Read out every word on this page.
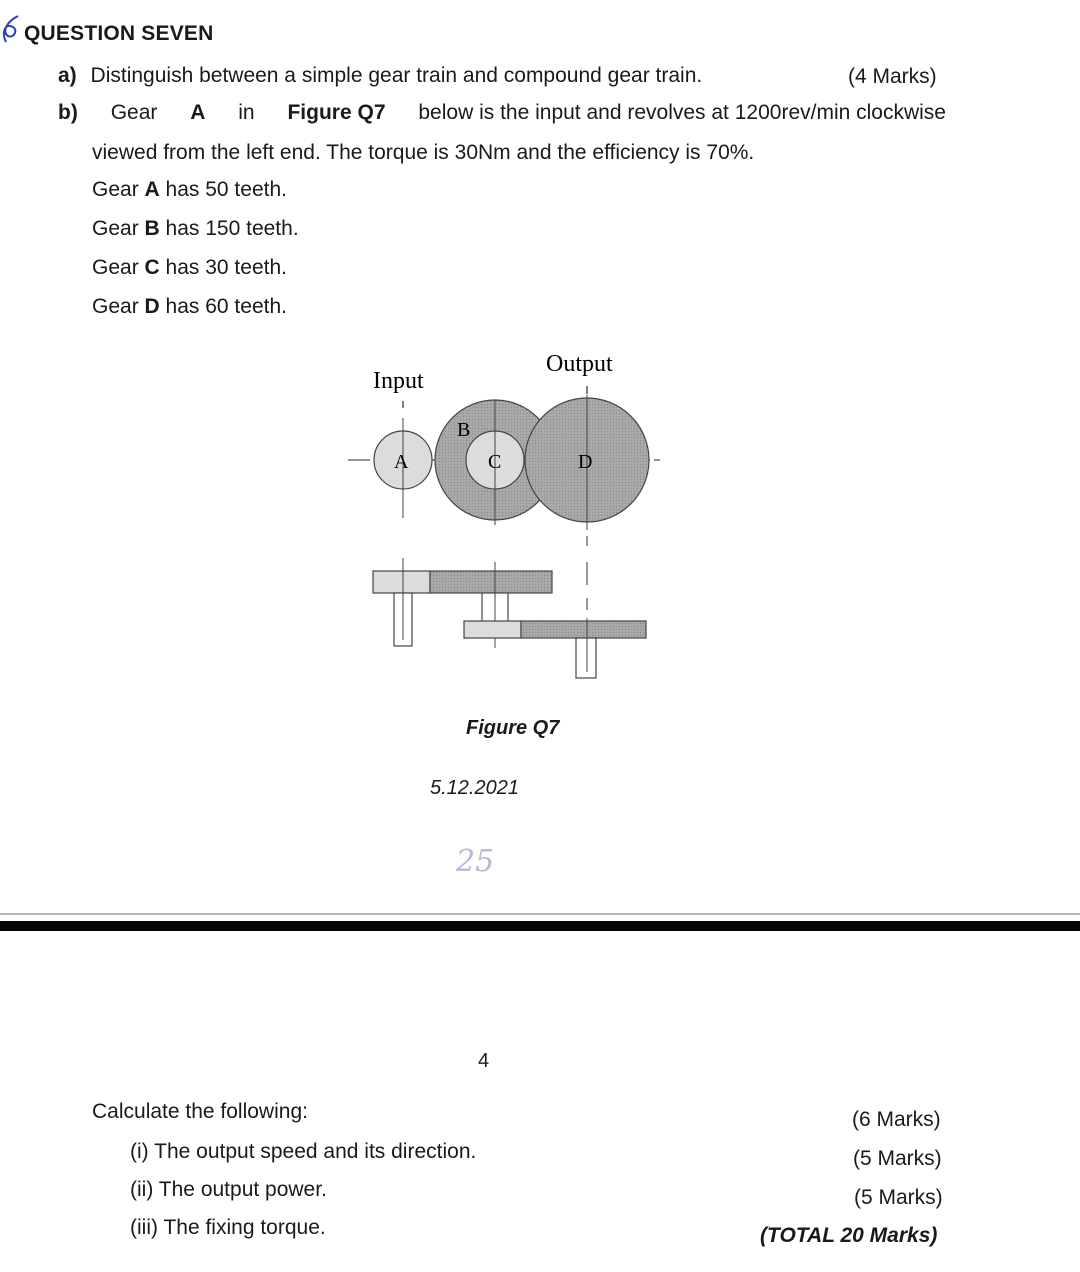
QUESTION SEVEN
a) Distinguish between a simple gear train and compound gear train.	(4 Marks)
b) Gear A in Figure Q7 below is the input and revolves at 1200rev/min clockwise
viewed from the left end. The torque is 30Nm and the efficiency is 70%.
Gear A has 50 teeth.
Gear B has 150 teeth.
Gear C has 30 teeth.
Gear D has 60 teeth.
Input
Output
A
B
C	D
Figure Q7
5.12.2021
25
4
Calculate the following:
(i) The output speed and its direction.
(6 Marks)
(ii) The output power.
(5 Marks)
(iii) The fixing torque.
(5 Marks)
(TOTAL 20 Marks)
